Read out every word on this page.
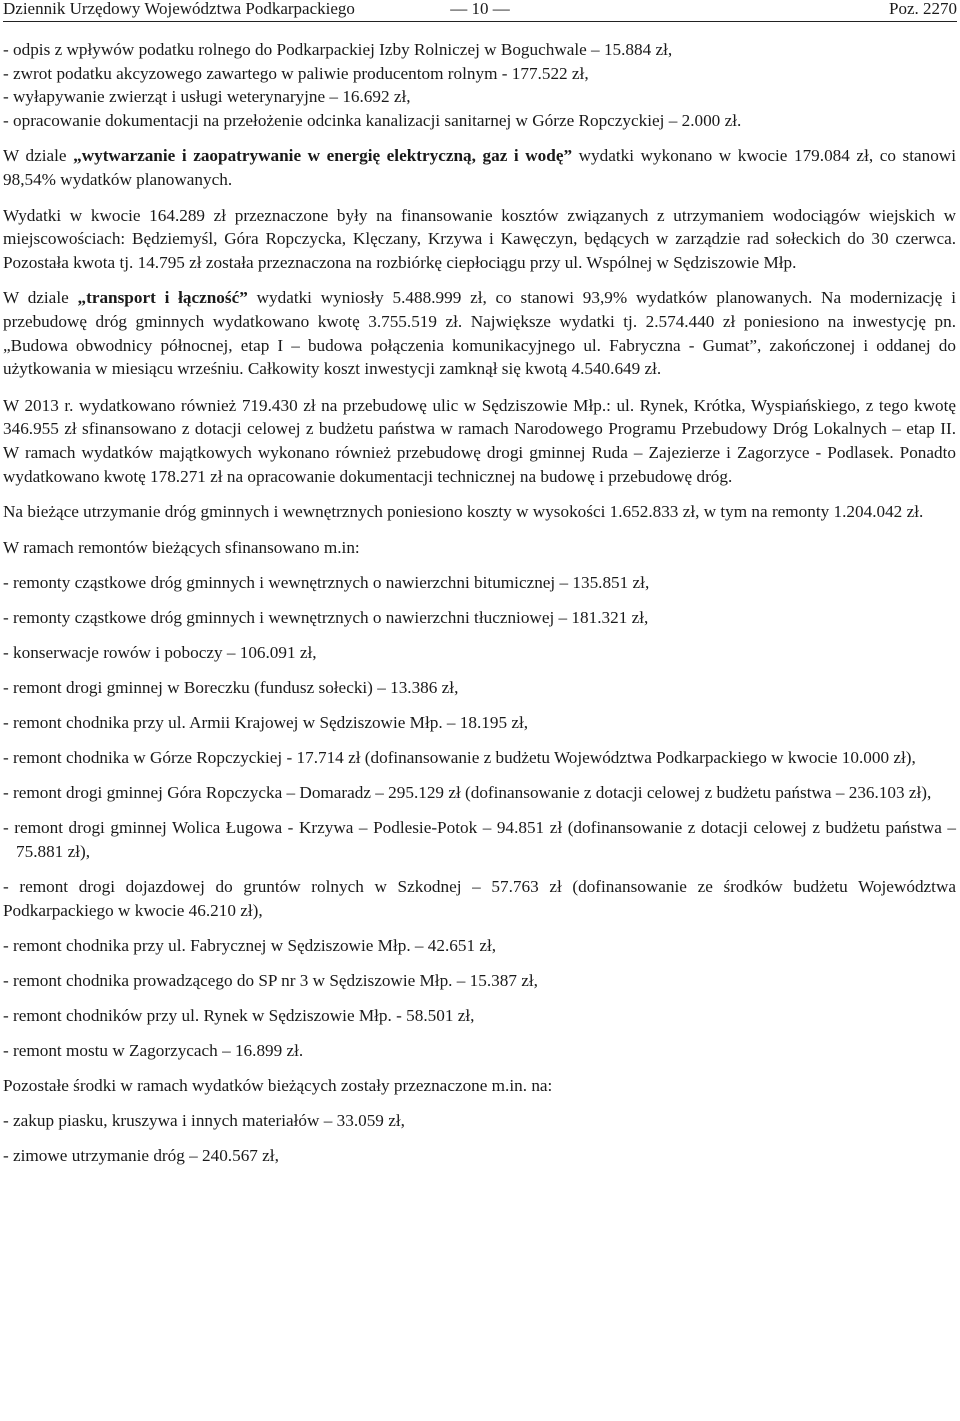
Dziennik Urzędowy Województwa Podkarpackiego	— 10 —	Poz. 2270

- odpis z wpływów podatku rolnego do Podkarpackiej Izby Rolniczej w Boguchwale – 15.884 zł,

- zwrot podatku akcyzowego zawartego w paliwie producentom rolnym - 177.522 zł,

- wyłapywanie zwierząt i usługi weterynaryjne – 16.692 zł,

- opracowanie dokumentacji na przełożenie odcinka kanalizacji sanitarnej w Górze Ropczyckiej – 2.000 zł.

W dziale „wytwarzanie i zaopatrywanie w energię elektryczną, gaz i wodę” wydatki wykonano w kwocie 179.084 zł, co stanowi 98,54% wydatków planowanych.

Wydatki w kwocie 164.289 zł przeznaczone były na finansowanie kosztów związanych z utrzymaniem wodociągów wiejskich w miejscowościach: Będziemyśl, Góra Ropczycka, Klęczany, Krzywa i Kawęczyn, będących w zarządzie rad sołeckich do 30 czerwca. Pozostała kwota tj. 14.795 zł została przeznaczona na rozbiórkę ciepłociągu przy ul. Wspólnej w Sędziszowie Młp.

W dziale „transport i łączność” wydatki wyniosły 5.488.999 zł, co stanowi 93,9% wydatków planowanych. Na modernizację i przebudowę dróg gminnych wydatkowano kwotę 3.755.519 zł. Największe wydatki tj. 2.574.440 zł poniesiono na inwestycję pn. „Budowa obwodnicy północnej, etap I – budowa połączenia komunikacyjnego ul. Fabryczna - Gumat”, zakończonej i oddanej do użytkowania w miesiącu wrześniu. Całkowity koszt inwestycji zamknął się kwotą 4.540.649 zł.

W 2013 r. wydatkowano również 719.430 zł na przebudowę ulic w Sędziszowie Młp.: ul. Rynek, Krótka, Wyspiańskiego, z tego kwotę 346.955 zł sfinansowano z dotacji celowej z budżetu państwa w ramach Narodowego Programu Przebudowy Dróg Lokalnych – etap II. W ramach wydatków majątkowych wykonano również przebudowę drogi gminnej Ruda – Zajezierze i Zagorzyce - Podlasek. Ponadto wydatkowano kwotę 178.271 zł na opracowanie dokumentacji technicznej na budowę i przebudowę dróg.

Na bieżące utrzymanie dróg gminnych i wewnętrznych poniesiono koszty w wysokości 1.652.833 zł, w tym na remonty 1.204.042 zł.

W ramach remontów bieżących sfinansowano m.in:

- remonty cząstkowe dróg gminnych i wewnętrznych o nawierzchni bitumicznej – 135.851 zł,

- remonty cząstkowe dróg gminnych i wewnętrznych o nawierzchni tłuczniowej – 181.321 zł,

- konserwacje rowów i poboczy – 106.091 zł,

- remont drogi gminnej w Boreczku (fundusz sołecki) – 13.386 zł,

- remont chodnika przy ul. Armii Krajowej w Sędziszowie Młp. – 18.195 zł,

- remont chodnika w Górze Ropczyckiej - 17.714 zł (dofinansowanie z budżetu Województwa Podkarpackiego w kwocie 10.000 zł),

- remont drogi gminnej Góra Ropczycka – Domaradz – 295.129 zł (dofinansowanie z dotacji celowej z budżetu państwa – 236.103 zł),

- remont drogi gminnej Wolica Ługowa - Krzywa – Podlesie-Potok – 94.851 zł (dofinansowanie z dotacji celowej z budżetu państwa – 75.881 zł),

- remont drogi dojazdowej do gruntów rolnych w Szkodnej – 57.763 zł (dofinansowanie ze środków budżetu Województwa Podkarpackiego w kwocie 46.210 zł),

- remont chodnika przy ul. Fabrycznej w Sędziszowie Młp. – 42.651 zł,

- remont chodnika prowadzącego do SP nr 3 w Sędziszowie Młp. – 15.387 zł,

- remont chodników przy ul. Rynek w Sędziszowie Młp. - 58.501 zł,

- remont mostu w Zagorzycach – 16.899 zł.

Pozostałe środki w ramach wydatków bieżących zostały przeznaczone m.in. na:

- zakup piasku, kruszywa i innych materiałów – 33.059 zł,

- zimowe utrzymanie dróg – 240.567 zł,
